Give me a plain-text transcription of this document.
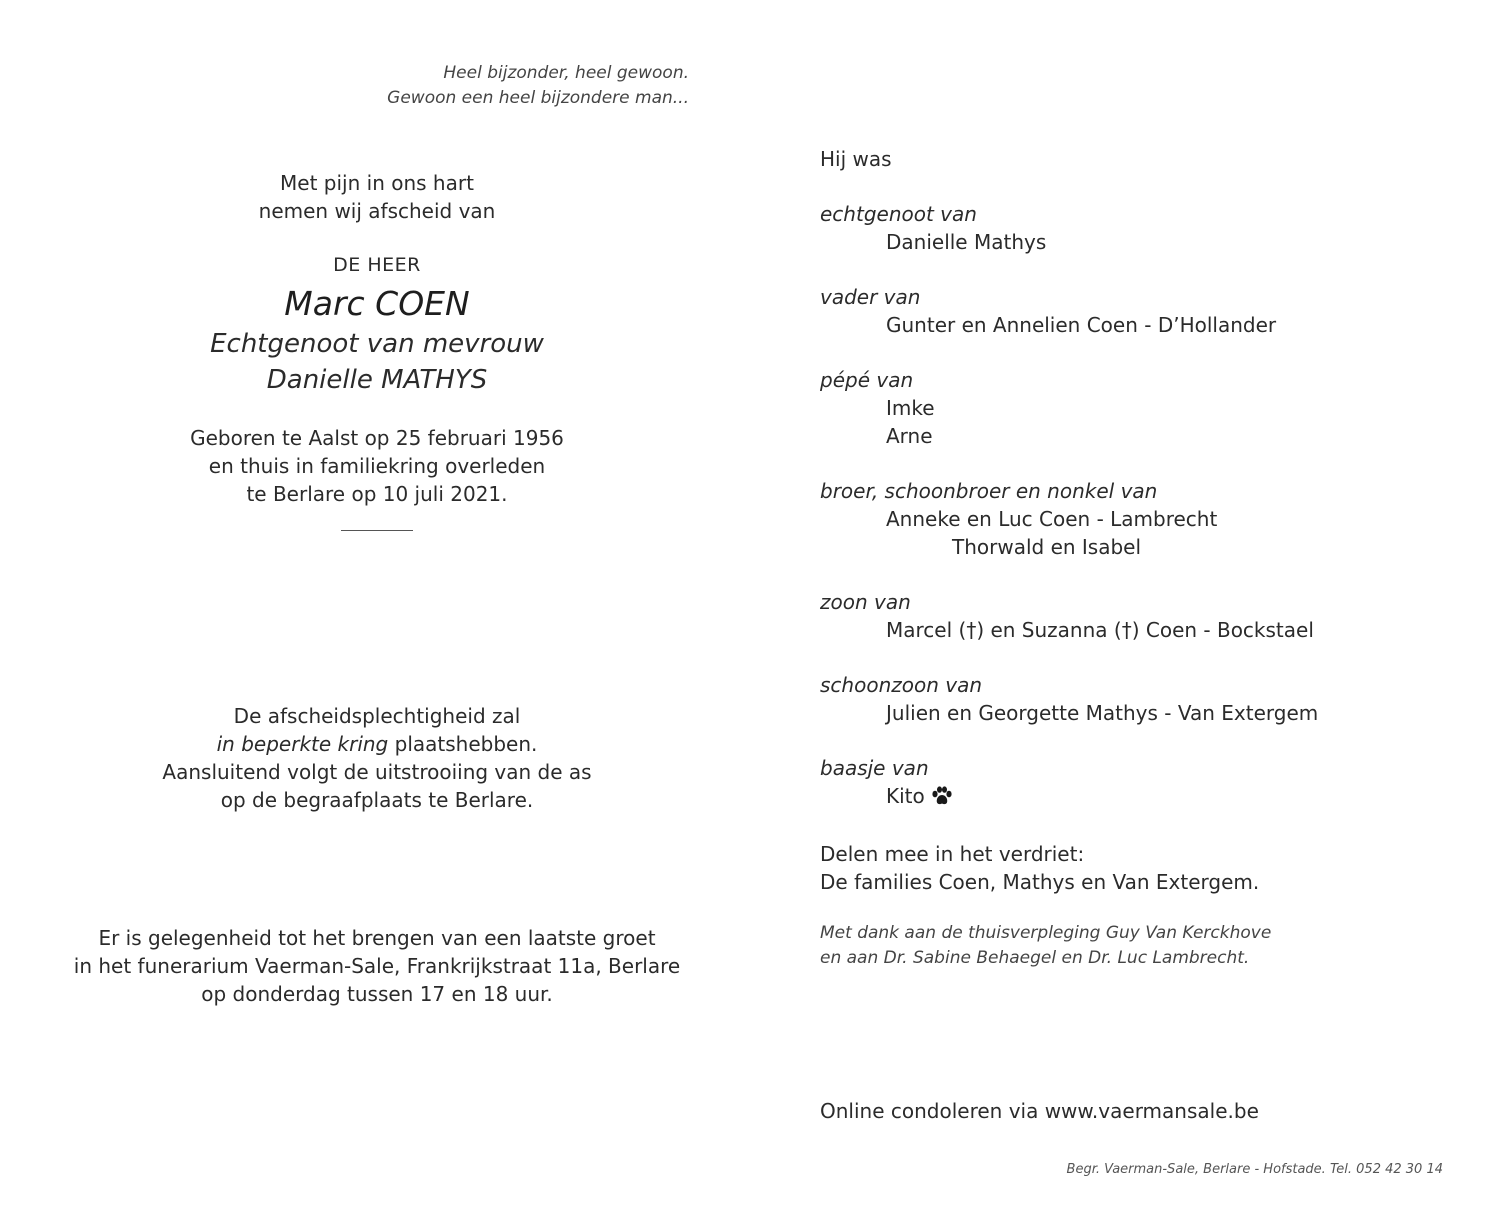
Heel bijzonder, heel gewoon.
Gewoon een heel bijzondere man...
Met pijn in ons hart
nemen wij afscheid van
DE HEER
Marc COEN
Echtgenoot van mevrouw
Danielle MATHYS
Geboren te Aalst op 25 februari 1956
en thuis in familiekring overleden
te Berlare op 10 juli 2021.
De afscheidsplechtigheid zal
in beperkte kring plaatshebben.
Aansluitend volgt de uitstrooiing van de as
op de begraafplaats te Berlare.
Er is gelegenheid tot het brengen van een laatste groet
in het funerarium Vaerman-Sale, Frankrijkstraat 11a, Berlare
op donderdag tussen 17 en 18 uur.
Hij was
echtgenoot van
Danielle Mathys
vader van
Gunter en Annelien Coen - D’Hollander
pépé van
Imke
Arne
broer, schoonbroer en nonkel van
Anneke en Luc Coen - Lambrecht
Thorwald en Isabel
zoon van
Marcel (†) en Suzanna (†) Coen - Bockstael
schoonzoon van
Julien en Georgette Mathys - Van Extergem
baasje van
Kito
Delen mee in het verdriet:
De families Coen, Mathys en Van Extergem.
Met dank aan de thuisverpleging Guy Van Kerckhove
en aan Dr. Sabine Behaegel en Dr. Luc Lambrecht.
Online condoleren via www.vaermansale.be
Begr. Vaerman-Sale, Berlare - Hofstade. Tel. 052 42 30 14
